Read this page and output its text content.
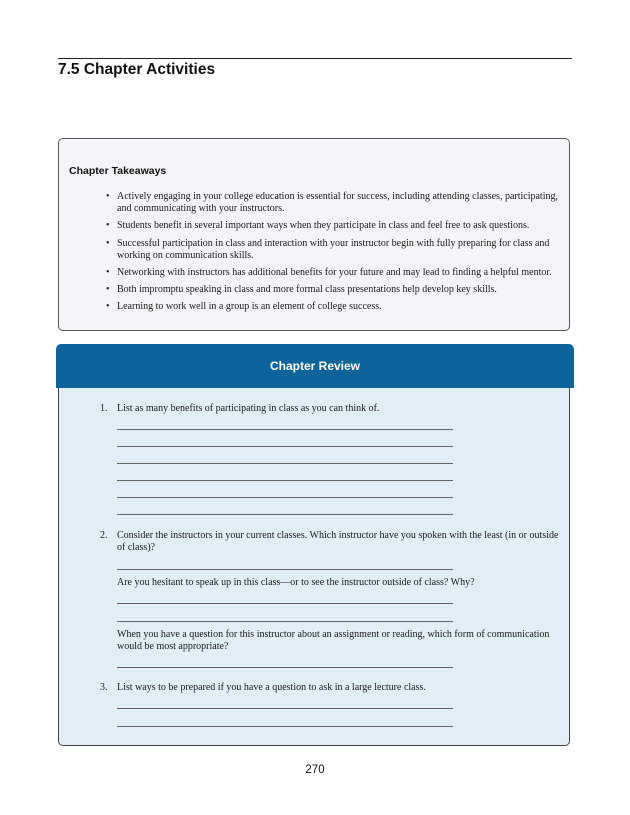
7.5 Chapter Activities
Chapter Takeaways
• Actively engaging in your college education is essential for success, including attending classes, participating, and communicating with your instructors.
• Students benefit in several important ways when they participate in class and feel free to ask questions.
• Successful participation in class and interaction with your instructor begin with fully preparing for class and working on communication skills.
• Networking with instructors has additional benefits for your future and may lead to finding a helpful mentor.
• Both impromptu speaking in class and more formal class presentations help develop key skills.
• Learning to work well in a group is an element of college success.
Chapter Review

1. List as many benefits of participating in class as you can think of.

2. Consider the instructors in your current classes. Which instructor have you spoken with the least (in or outside of class)?

Are you hesitant to speak up in this class—or to see the instructor outside of class? Why?

When you have a question for this instructor about an assignment or reading, which form of communication would be most appropriate?

3. List ways to be prepared if you have a question to ask in a large lecture class.

270
